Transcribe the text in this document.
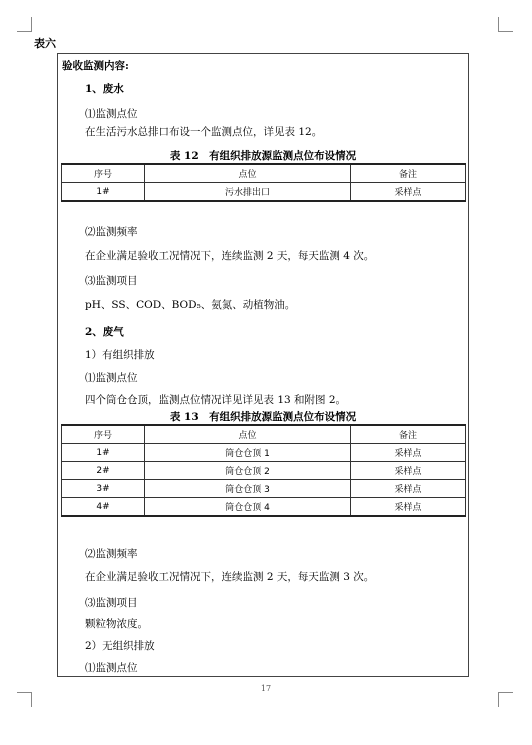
表六
验收监测内容:
1、废水
⑴监测点位
在生活污水总排口布设一个监测点位，详见表 12。
表 12　有组织排放源监测点位布设情况
序号	点位	备注
1#	污水排出口	采样点
⑵监测频率
在企业满足验收工况情况下，连续监测 2 天，每天监测 4 次。
⑶监测项目
pH、SS、COD、BOD₅、氨氮、动植物油。
2、废气
1）有组织排放
⑴监测点位
四个筒仓仓顶，监测点位情况详见详见表 13 和附图 2。
表 13　有组织排放源监测点位布设情况
序号	点位	备注
1#	筒仓仓顶 1	采样点
2#	筒仓仓顶 2	采样点
3#	筒仓仓顶 3	采样点
4#	筒仓仓顶 4	采样点
⑵监测频率
在企业满足验收工况情况下，连续监测 2 天，每天监测 3 次。
⑶监测项目
颗粒物浓度。
2）无组织排放
⑴监测点位
17
